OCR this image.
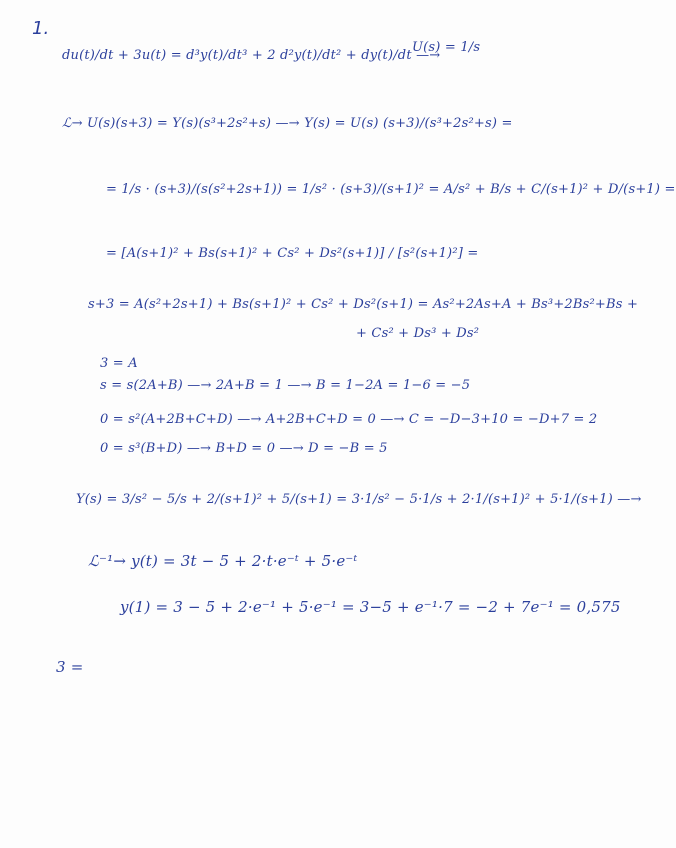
1.
du(t)/dt + 3u(t) = d³y(t)/dt³ + 2 d²y(t)/dt² + dy(t)/dt —→
U(s) = 1/s
ℒ→ U(s)(s+3) = Y(s)(s³+2s²+s) —→ Y(s) = U(s) (s+3)/(s³+2s²+s) =
= 1/s · (s+3)/(s(s²+2s+1)) = 1/s² · (s+3)/(s+1)² = A/s² + B/s + C/(s+1)² + D/(s+1) =
= [A(s+1)² + Bs(s+1)² + Cs² + Ds²(s+1)] / [s²(s+1)²] =
s+3 = A(s²+2s+1) + Bs(s+1)² + Cs² + Ds²(s+1) = As²+2As+A + Bs³+2Bs²+Bs +
+ Cs² + Ds³ + Ds²
3 = A
s = s(2A+B) —→ 2A+B = 1 —→ B = 1−2A = 1−6 = −5
0 = s²(A+2B+C+D) —→ A+2B+C+D = 0 —→ C = −D−3+10 = −D+7 = 2
0 = s³(B+D) —→ B+D = 0 —→ D = −B = 5
Y(s) = 3/s² − 5/s + 2/(s+1)² + 5/(s+1) = 3·1/s² − 5·1/s + 2·1/(s+1)² + 5·1/(s+1) —→
ℒ⁻¹→ y(t) = 3t − 5 + 2·t·e⁻ᵗ + 5·e⁻ᵗ
y(1) = 3 − 5 + 2·e⁻¹ + 5·e⁻¹ = 3−5 + e⁻¹·7 = −2 + 7e⁻¹ = 0,575
3 =
